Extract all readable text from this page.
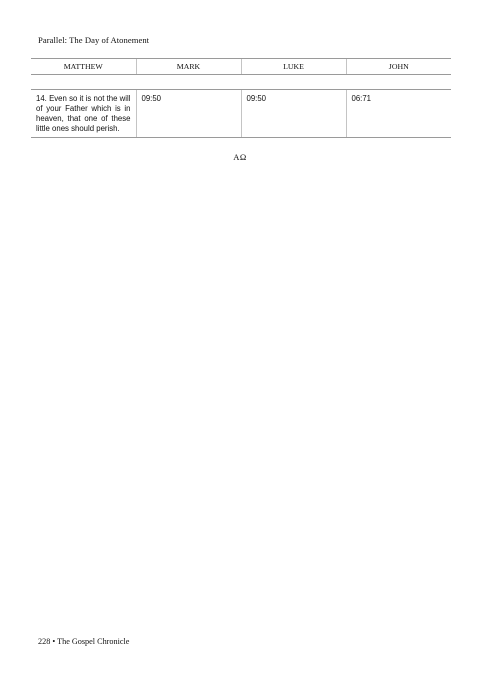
Parallel: The Day of Atonement
MATTHEW	MARK	LUKE	JOHN

14. Even so it is not the will of your Father which is in heaven, that one of these little ones should perish.	09:50	09:50	06:71
AΩ
228 • The Gospel Chronicle
